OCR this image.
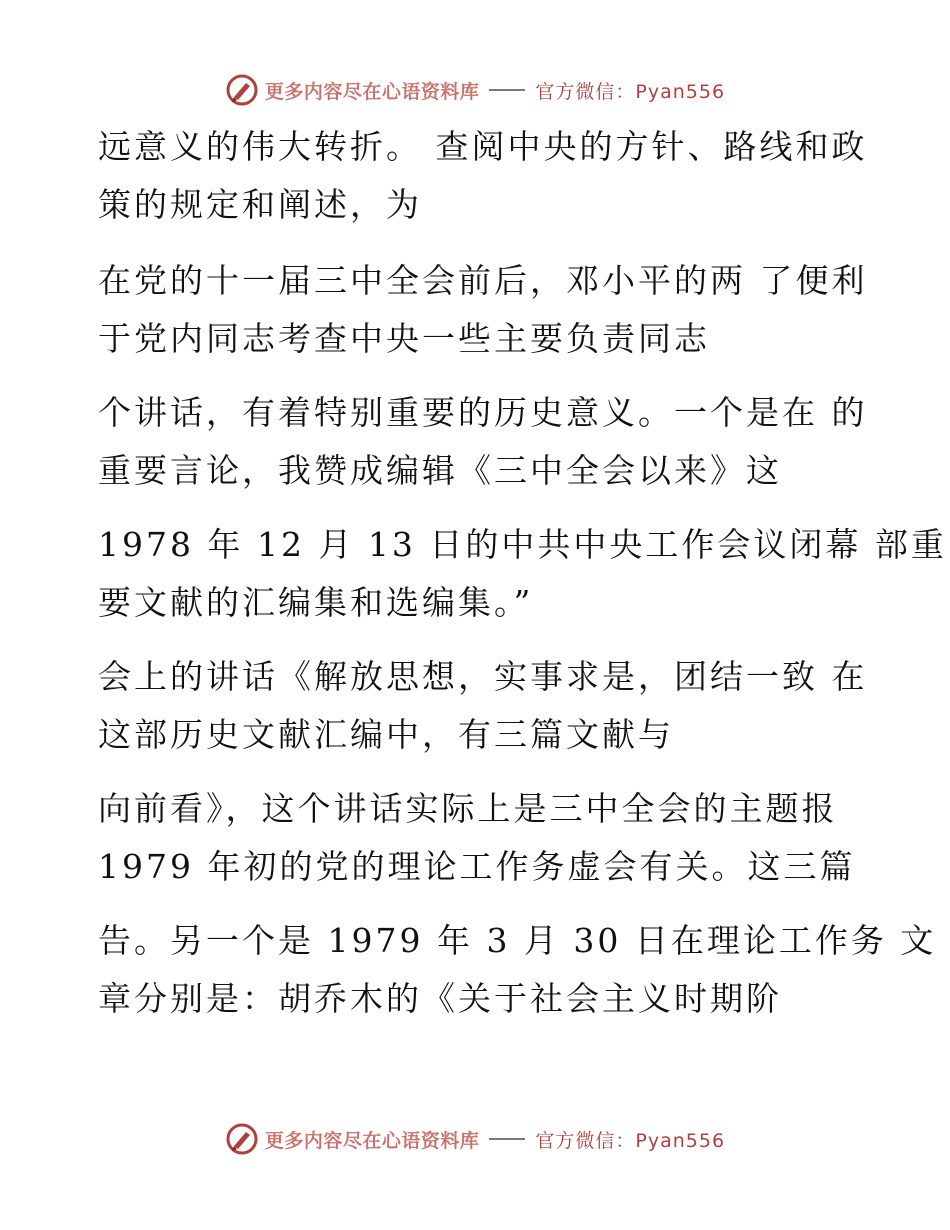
更多内容尽在心语资料库	官方微信：Pyan556
远意义的伟大转折。 查阅中央的方针、路线和政
策的规定和阐述，为
在党的十一届三中全会前后，邓小平的两 了便利
于党内同志考查中央一些主要负责同志
个讲话，有着特别重要的历史意义。一个是在 的
重要言论，我赞成编辑《三中全会以来》这
1978 年 12 月 13 日的中共中央工作会议闭幕 部重
要文献的汇编集和选编集。”
会上的讲话《解放思想，实事求是，团结一致 在
这部历史文献汇编中，有三篇文献与
向前看》，这个讲话实际上是三中全会的主题报
1979 年初的党的理论工作务虚会有关。这三篇
告。另一个是 1979 年 3 月 30 日在理论工作务 文
章分别是：胡乔木的《关于社会主义时期阶
更多内容尽在心语资料库	官方微信：Pyan556
